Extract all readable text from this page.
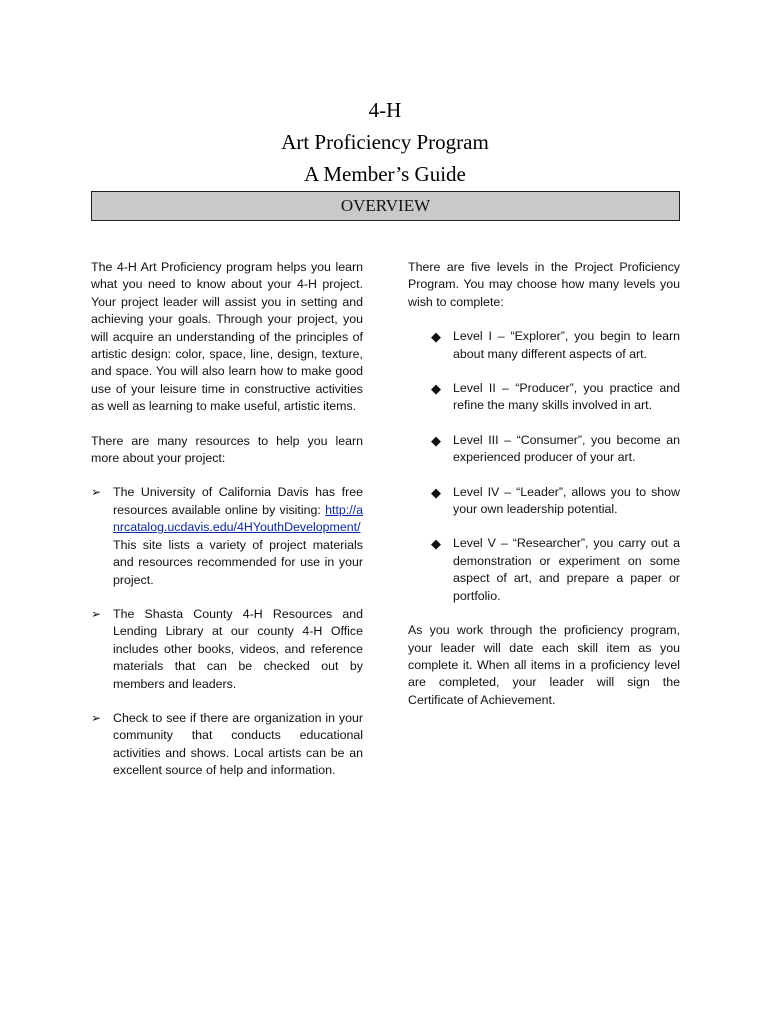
4-H
Art Proficiency Program
A Member’s Guide
OVERVIEW

The 4-H Art Proficiency program helps you learn what you need to know about your 4-H project. Your project leader will assist you in setting and achieving your goals. Through your project, you will acquire an understanding of the principles of artistic design: color, space, line, design, texture, and space. You will also learn how to make good use of your leisure time in constructive activities as well as learning to make useful, artistic items.

There are many resources to help you learn more about your project:

➢ The University of California Davis has free resources available online by visiting: http://anrcatalog.ucdavis.edu/4HYouthDevelopment/ This site lists a variety of project materials and resources recommended for use in your project.
➢ The Shasta County 4-H Resources and Lending Library at our county 4-H Office includes other books, videos, and reference materials that can be checked out by members and leaders.
➢ Check to see if there are organization in your community that conducts educational activities and shows. Local artists can be an excellent source of help and information.

There are five levels in the Project Proficiency Program. You may choose how many levels you wish to complete:

◆ Level I – “Explorer”, you begin to learn about many different aspects of art.
◆ Level II – “Producer”, you practice and refine the many skills involved in art.
◆ Level III – “Consumer”, you become an experienced producer of your art.
◆ Level IV – “Leader”, allows you to show your own leadership potential.
◆ Level V – “Researcher”, you carry out a demonstration or experiment on some aspect of art, and prepare a paper or portfolio.

As you work through the proficiency program, your leader will date each skill item as you complete it. When all items in a proficiency level are completed, your leader will sign the Certificate of Achievement.
